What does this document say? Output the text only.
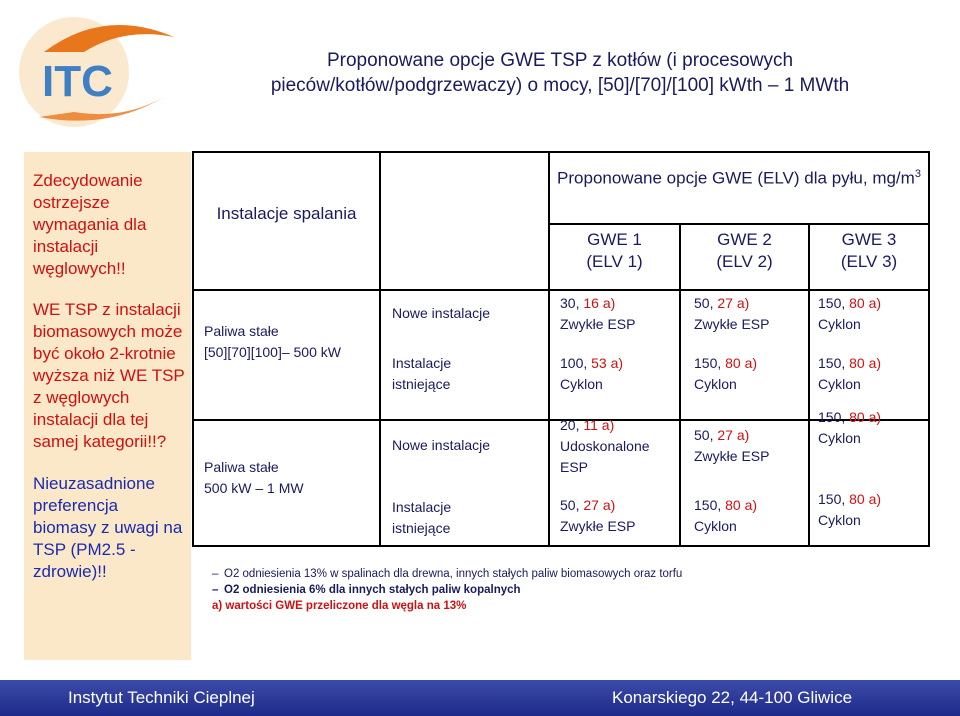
ITC	Proponowane opcje GWE TSP z kotłów (i procesowych
pieców/kotłów/podgrzewaczy) o mocy, [50]/[70]/[100] kWth – 1 MWth

Zdecydowanie ostrzejsze wymagania dla instalacji węglowych!!

WE TSP z instalacji biomasowych może być około 2-krotnie wyższa niż WE TSP z węglowych instalacji dla tej samej kategorii!!?

Nieuzasadnione preferencja biomasy z uwagi na TSP (PM2.5 - zdrowie)!!

Instalacje spalania
Proponowane opcje GWE (ELV) dla pyłu, $mg/m^3$
GWE 1
(ELV 1)
GWE 2
(ELV 2)
GWE 3
(ELV 3)
Paliwa stałe
[50][70][100]– 500 kW
Paliwa stałe
500 kW – 1 MW
Nowe instalacje
Instalacje istniejące
Nowe instalacje
Instalacje istniejące
30, 16 a)
Zwykłe ESP
50, 27 a)
Zwykłe ESP
150, 80 a)
Cyklon
100, 53 a)
Cyklon
150, 80 a)
Cyklon
150, 80 a)
Cyklon
20, 11 a)
Udoskonalone ESP
50, 27 a)
Zwykłe ESP
150, 80 a)
Cyklon
50, 27 a)
Zwykłe ESP
150, 80 a)
Cyklon
150, 80 a)
Cyklon
– O2 odniesienia 13% w spalinach dla drewna, innych stałych paliw biomasowych oraz torfu
– O2 odniesienia 6% dla innych stałych paliw kopalnych
a) wartości GWE przeliczone dla węgla na 13%
Instytut Techniki Cieplnej	Konarskiego 22, 44-100 Gliwice
